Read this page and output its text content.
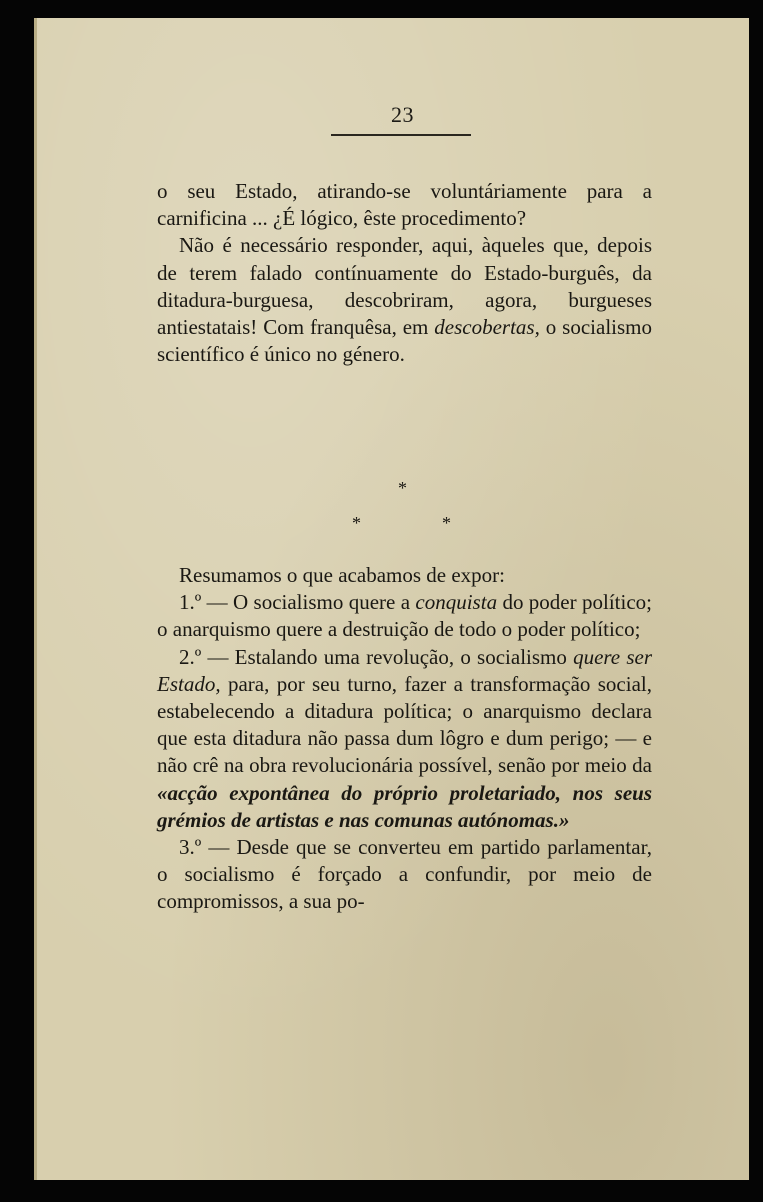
23

o seu Estado, atirando-se voluntáriamente para a carnificina ... ¿É lógico, êste procedimento?

Não é necessário responder, aqui, àqueles que, depois de terem falado contínuamente do Estado-burguês, da ditadura-burguesa, descobriram, agora, burgueses antiestatais! Com franquêsa, em descobertas, o socialismo scientífico é único no género.

*
*	*

Resumamos o que acabamos de expor:

1.º — O socialismo quere a conquista do poder político; o anarquismo quere a destruição de todo o poder político;

2.º — Estalando uma revolução, o socialismo quere ser Estado, para, por seu turno, fazer a transformação social, estabelecendo a ditadura política; o anarquismo declara que esta ditadura não passa dum lôgro e dum perigo; — e não crê na obra revolucionária possível, senão por meio da «acção expontânea do próprio proletariado, nos seus grémios de artistas e nas comunas autónomas.»

3.º — Desde que se converteu em partido parlamentar, o socialismo é forçado a confundir, por meio de compromissos, a sua po-
